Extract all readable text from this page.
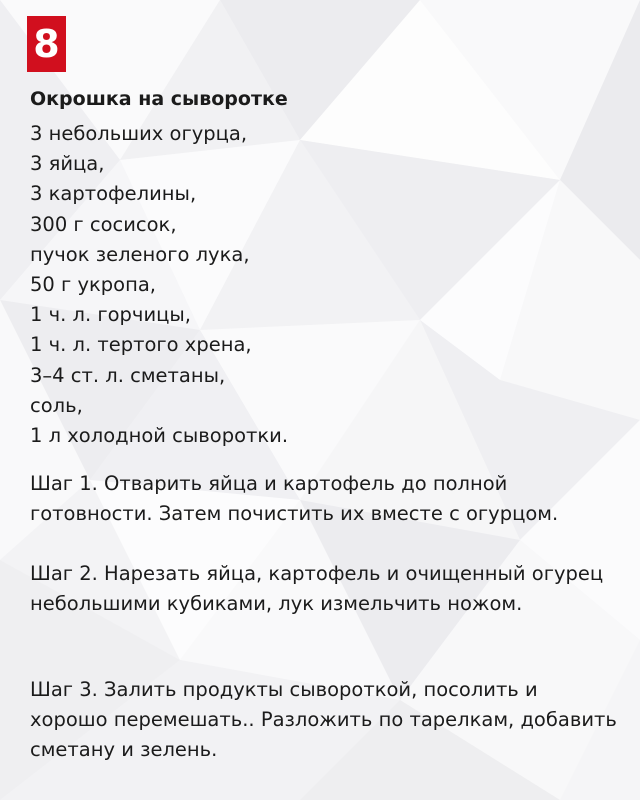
8
Окрошка на сыворотке
3 небольших огурца,
3 яйца,
3 картофелины,
300 г сосисок,
пучок зеленого лука,
50 г укропа,
1 ч. л. горчицы,
1 ч. л. тертого хрена,
3–4 ст. л. сметаны,
соль,
1 л холодной сыворотки.

Шаг 1. Отварить яйца и картофель до полной готовности. Затем почистить их вместе с огурцом.

Шаг 2. Нарезать яйца, картофель и очищенный огурец небольшими кубиками, лук измельчить ножом.

Шаг 3. Залить продукты сывороткой, посолить и хорошо перемешать.. Разложить по тарелкам, добавить сметану и зелень.
